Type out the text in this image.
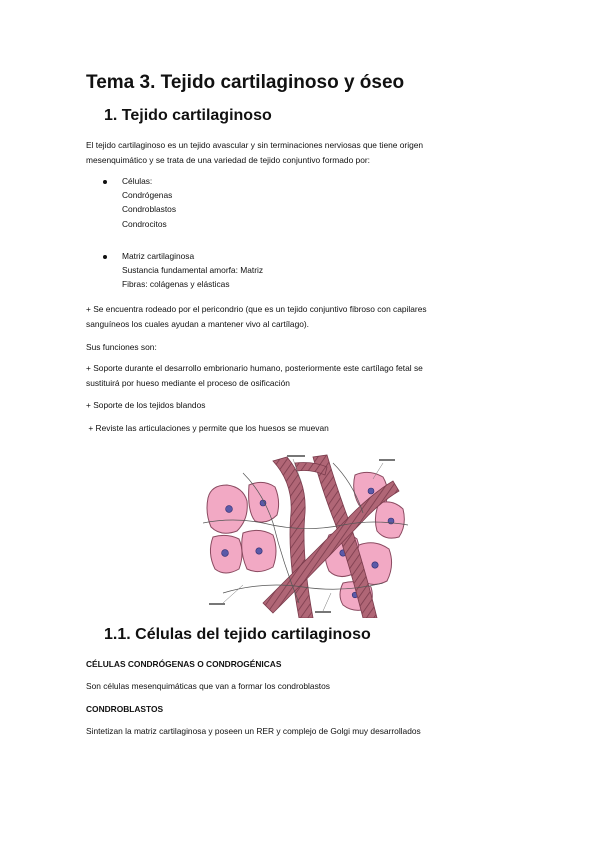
Tema 3. Tejido cartilaginoso y óseo
1. Tejido cartilaginoso
El tejido cartilaginoso es un tejido avascular y sin terminaciones nerviosas que tiene origen
mesenquimático y se trata de una variedad de tejido conjuntivo formado por:
Células:
Condrógenas
Condroblastos
Condrocitos
Matriz cartilaginosa
Sustancia fundamental amorfa: Matriz
Fibras: colágenas y elásticas
+ Se encuentra rodeado por el pericondrio (que es un tejido conjuntivo fibroso con capilares
sanguíneos los cuales ayudan a mantener vivo al cartílago).
Sus funciones son:
+ Soporte durante el desarrollo embrionario humano, posteriormente este cartílago fetal se
sustituirá por hueso mediante el proceso de osificación
+ Soporte de los tejidos blandos
+ Reviste las articulaciones y permite que los huesos se muevan
1.1. Células del tejido cartilaginoso
CÉLULAS CONDRÓGENAS O CONDROGÉNICAS
Son células mesenquimáticas que van a formar los condroblastos
CONDROBLASTOS
Sintetizan la matriz cartilaginosa y poseen un RER y complejo de Golgi muy desarrollados
